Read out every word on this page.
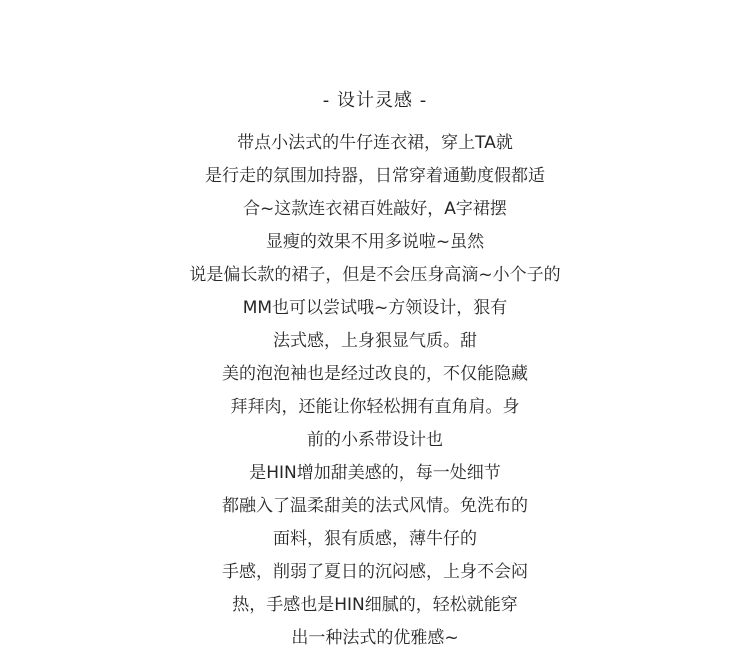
- 设计灵感 -
带点小法式的牛仔连衣裙，穿上TA就
是行走的氛围加持器，日常穿着通勤度假都适
合~这款连衣裙百姓敲好，A字裙摆
显瘦的效果不用多说啦~虽然
说是偏长款的裙子，但是不会压身高滴~小个子的
MM也可以尝试哦~方领设计，狠有
法式感，上身狠显气质。甜
美的泡泡袖也是经过改良的，不仅能隐藏
拜拜肉，还能让你轻松拥有直角肩。身
前的小系带设计也
是HIN增加甜美感的，每一处细节
都融入了温柔甜美的法式风情。免洗布的
面料，狠有质感，薄牛仔的
手感，削弱了夏日的沉闷感，上身不会闷
热，手感也是HIN细腻的，轻松就能穿
出一种法式的优雅感~
